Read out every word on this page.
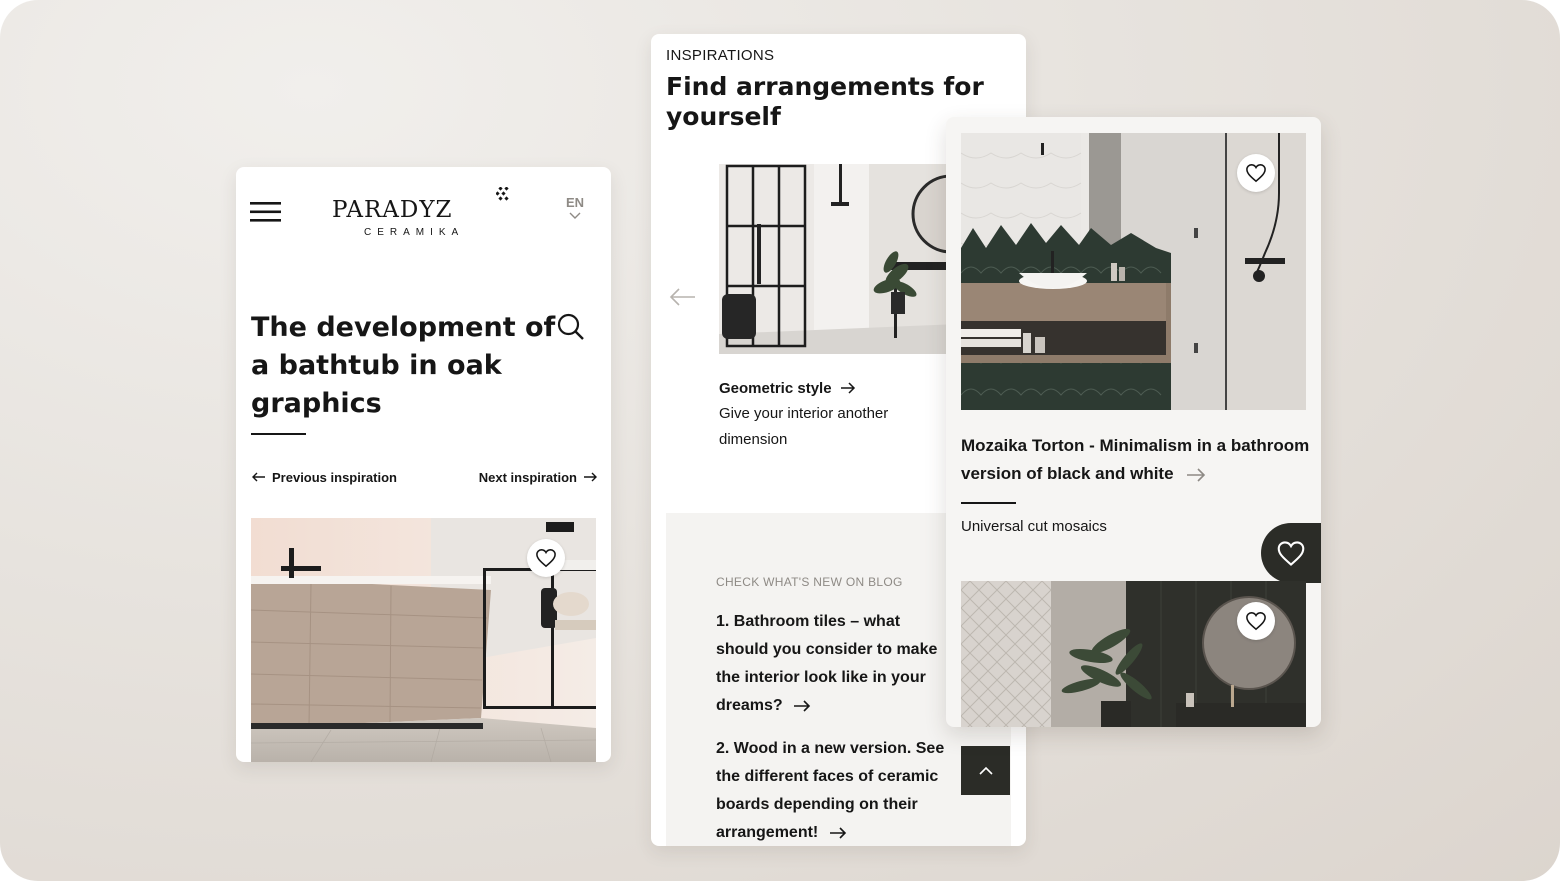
PARADYZ
CERAMIKA
EN
The development of
a bathtub in oak
graphics
Previous inspiration	Next inspiration
INSPIRATIONS
Find arrangements for
yourself
Geometric style
Give your interior another
dimension
CHECK WHAT'S NEW ON BLOG
1. Bathroom tiles – what
should you consider to make
the interior look like in your
dreams?
2. Wood in a new version. See
the different faces of ceramic
boards depending on their
arrangement!
Mozaika Torton - Minimalism in a bathroom
version of black and white
Universal cut mosaics
